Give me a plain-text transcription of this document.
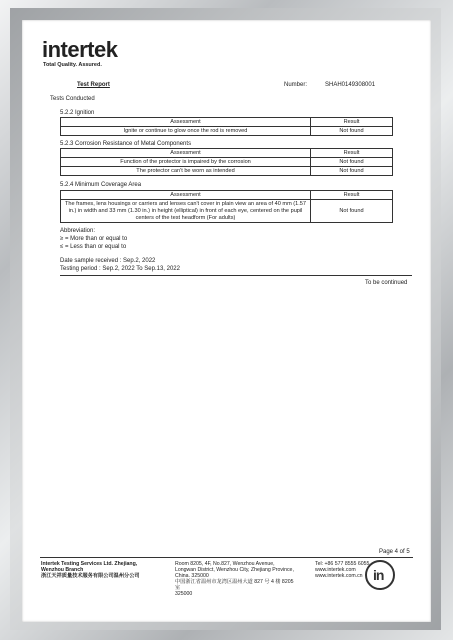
intertek
Total Quality. Assured.
Test Report	Number:	SHAH0149308001
Tests Conducted
5.2.2 Ignition
Assessment	Result
Ignite or continue to glow once the rod is removed	Not found
5.2.3 Corrosion Resistance of Metal Components
Assessment	Result
Function of the protector is impaired by the corrosion	Not found
The protector can't be worn as intended	Not found
5.2.4 Minimum Coverage Area
Assessment	Result
The frames, lens housings or carriers and lenses can't cover in plain view an area of 40 mm (1.57 in.) in width and 33 mm (1.30 in.) in height (elliptical) in front of each eye, centered on the pupil centers of the test headform (For adults)	Not found
Abbreviation:
≥ = More than or equal to
≤ = Less than or equal to
Date sample received : Sep.2, 2022
Testing period : Sep.2, 2022 To Sep.13, 2022
To be continued
Page 4 of 5
Intertek Testing Services Ltd. Zhejiang,
Wenzhou Branch
浙江天祥质量技术服务有限公司温州分公司
Room 8205, 4F, No.827, Wenzhou Avenue,
Longwan District, Wenzhou City, Zhejiang Province,
China. 325000
中国浙江省温州市龙湾区温州大道 827 号 4 楼 8205
室
325000
Tel: +86 577 8555 6055
www.intertek.com
www.intertek.com.cn in
